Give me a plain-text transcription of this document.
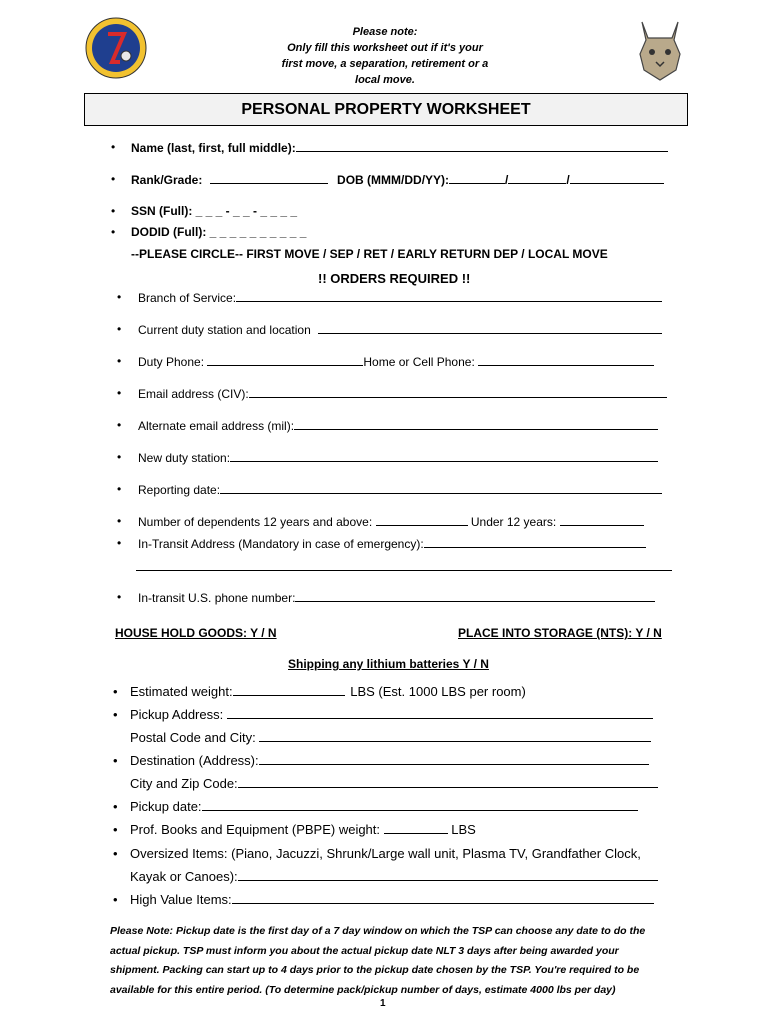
Please note:
Only fill this worksheet out if it's your
first move, a separation, retirement or a
local move.
PERSONAL PROPERTY WORKSHEET
• Name (last, first, full middle):
• Rank/Grade:	DOB (MMM/DD/YY):	/	/
• SSN (Full): _ _ _ - _ _ - _ _ _ _
• DODID (Full): _ _ _ _ _ _ _ _ _ _
--PLEASE CIRCLE-- FIRST MOVE / SEP / RET / EARLY RETURN DEP / LOCAL MOVE
!! ORDERS REQUIRED !!
• Branch of Service:
• Current duty station and location
• Duty Phone:	Home or Cell Phone:
• Email address (CIV):
• Alternate email address (mil):
• New duty station:
• Reporting date:
• Number of dependents 12 years and above:	Under 12 years:
• In-Transit Address (Mandatory in case of emergency):
• In-transit U.S. phone number:
HOUSE HOLD GOODS: Y / N	PLACE INTO STORAGE (NTS): Y / N
Shipping any lithium batteries Y / N
• Estimated weight:	LBS (Est. 1000 LBS per room)
• Pickup Address:
Postal Code and City:
• Destination (Address):
City and Zip Code:
• Pickup date:
• Prof. Books and Equipment (PBPE) weight:	LBS
• Oversized Items: (Piano, Jacuzzi, Shrunk/Large wall unit, Plasma TV, Grandfather Clock,
Kayak or Canoes):
• High Value Items:
Please Note: Pickup date is the first day of a 7 day window on which the TSP can choose any date to do the actual pickup. TSP must inform you about the actual pickup date NLT 3 days after being awarded your shipment. Packing can start up to 4 days prior to the pickup date chosen by the TSP. You're required to be available for this entire period. (To determine pack/pickup number of days, estimate 4000 lbs per day)
1
